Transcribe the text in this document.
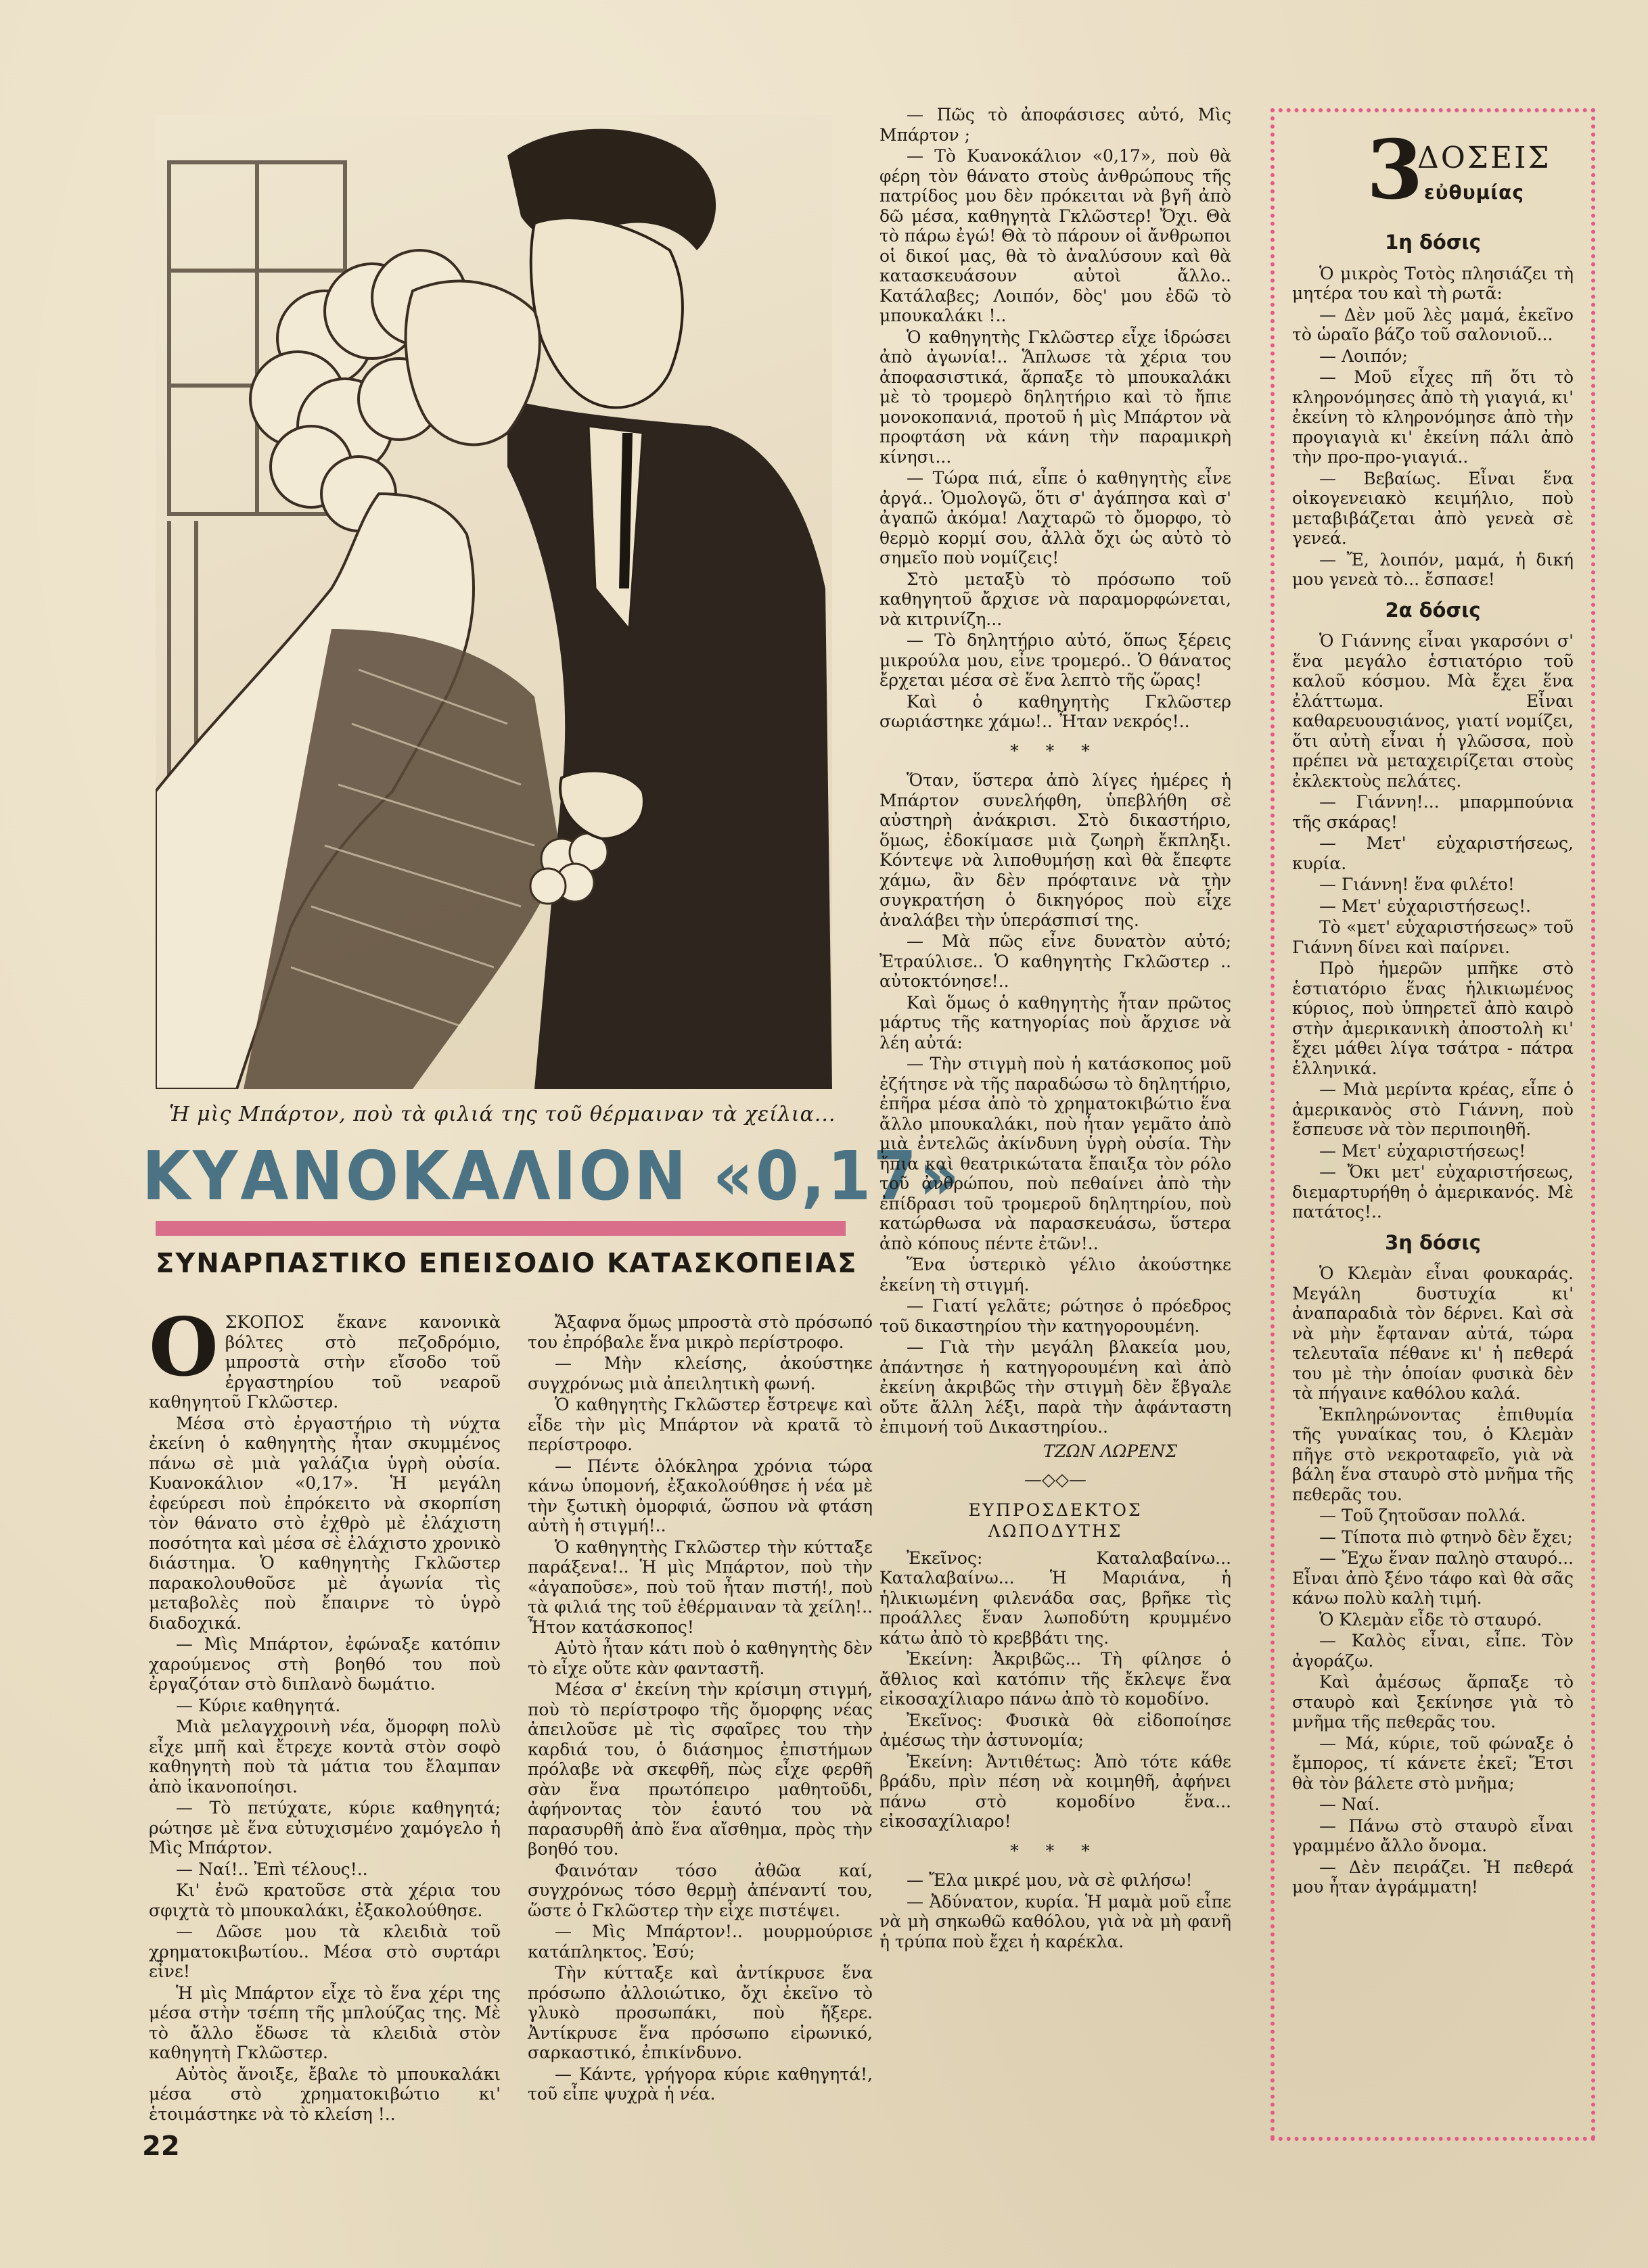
Ἡ μὶς Μπάρτον, ποὺ τὰ φιλιά της τοῦ θέρμαιναν τὰ χείλια...
ΚΥΑΝΟΚΑΛΙΟΝ «0,17»
ΣΥΝΑΡΠΑΣΤΙΚΟ ΕΠΕΙΣΟΔΙΟ ΚΑΤΑΣΚΟΠΕΙΑΣ

Ο ΣΚΟΠΟΣ ἔκανε κανονικὰ βόλτες στὸ πεζοδρόμιο, μπροστὰ στὴν εἴσοδο τοῦ ἐργαστηρίου τοῦ νεαροῦ καθηγητοῦ Γκλῶστερ.

Μέσα στὸ ἐργαστήριο τὴ νύχτα ἐκείνη ὁ καθηγητὴς ἦταν σκυμμένος πάνω σὲ μιὰ γαλάζια ὑγρὴ οὐσία. Κυανοκάλιον «0,17». Ἡ μεγάλη ἐφεύρεσι ποὺ ἐπρόκειτο νὰ σκορπίση τὸν θάνατο στὸ ἐχθρὸ μὲ ἐλάχιστη ποσότητα καὶ μέσα σὲ ἐλάχιστο χρονικὸ διάστημα. Ὁ καθηγητὴς Γκλῶστερ παρακολουθοῦσε μὲ ἀγωνία τὶς μεταβολὲς ποὺ ἔπαιρνε τὸ ὑγρὸ διαδοχικά.

— Μὶς Μπάρτον, ἐφώναξε κατόπιν χαρούμενος στὴ βοηθό του ποὺ ἐργαζόταν στὸ διπλανὸ δωμάτιο.

— Κύριε καθηγητά.

Μιὰ μελαγχροινὴ νέα, ὄμορφη πολὺ εἶχε μπῆ καὶ ἔτρεχε κοντὰ στὸν σοφὸ καθηγητὴ ποὺ τὰ μάτια του ἔλαμπαν ἀπὸ ἱκανοποίησι.

— Τὸ πετύχατε, κύριε καθηγητά; ρώτησε μὲ ἕνα εὐτυχισμένο χαμόγελο ἡ Μὶς Μπάρτον.

— Ναί!.. Ἐπὶ τέλους!..

Κι' ἐνῶ κρατοῦσε στὰ χέρια του σφιχτὰ τὸ μπουκαλάκι, ἐξακολούθησε.

— Δῶσε μου τὰ κλειδιὰ τοῦ χρηματοκιβωτίου.. Μέσα στὸ συρτάρι εἶνε!

Ἡ μὶς Μπάρτον εἶχε τὸ ἕνα χέρι της μέσα στὴν τσέπη τῆς μπλούζας της. Μὲ τὸ ἄλλο ἔδωσε τὰ κλειδιὰ στὸν καθηγητὴ Γκλῶστερ.

Αὐτὸς ἄνοιξε, ἔβαλε τὸ μπουκαλάκι μέσα στὸ χρηματοκιβώτιο κι' ἑτοιμάστηκε νὰ τὸ κλείση !..

Ἄξαφνα ὅμως μπροστὰ στὸ πρόσωπό του ἐπρόβαλε ἕνα μικρὸ περίστροφο.

— Μὴν κλείσης, ἀκούστηκε συγχρόνως μιὰ ἀπειλητικὴ φωνή.

Ὁ καθηγητὴς Γκλῶστερ ἔστρεψε καὶ εἶδε τὴν μὶς Μπάρτον νὰ κρατᾶ τὸ περίστροφο.

— Πέντε ὁλόκληρα χρόνια τώρα κάνω ὑπομονή, ἐξακολούθησε ἡ νέα μὲ τὴν ξωτικὴ ὀμορφιά, ὥσπου νὰ φτάση αὐτὴ ἡ στιγμή!..

Ὁ καθηγητὴς Γκλῶστερ τὴν κύτταξε παράξενα!.. Ἡ μὶς Μπάρτον, ποὺ τὴν «ἀγαποῦσε», ποὺ τοῦ ἦταν πιστή!, ποὺ τὰ φιλιά της τοῦ ἐθέρμαιναν τὰ χείλη!.. Ἦτον κατάσκοπος!

Αὐτὸ ἦταν κάτι ποὺ ὁ καθηγητὴς δὲν τὸ εἶχε οὔτε κὰν φανταστῆ.

Μέσα σ' ἐκείνη τὴν κρίσιμη στιγμή, ποὺ τὸ περίστροφο τῆς ὄμορφης νέας ἀπειλοῦσε μὲ τὶς σφαῖρες του τὴν καρδιά του, ὁ διάσημος ἐπιστήμων πρόλαβε νὰ σκεφθῆ, πὼς εἶχε φερθῆ σὰν ἕνα πρωτόπειρο μαθητοῦδι, ἀφήνοντας τὸν ἑαυτό του νὰ παρασυρθῆ ἀπὸ ἕνα αἴσθημα, πρὸς τὴν βοηθό του.

Φαινόταν τόσο ἀθῶα καί, συγχρόνως τόσο θερμὴ ἀπέναντί του, ὥστε ὁ Γκλῶστερ τὴν εἶχε πιστέψει.

— Μὶς Μπάρτον!.. μουρμούρισε κατάπληκτος. Ἐσύ;

Τὴν κύτταξε καὶ ἀντίκρυσε ἕνα πρόσωπο ἀλλοιώτικο, ὄχι ἐκεῖνο τὸ γλυκὸ προσωπάκι, ποὺ ἤξερε. Ἀντίκρυσε ἕνα πρόσωπο εἰρωνικό, σαρκαστικό, ἐπικίνδυνο.

— Κάντε, γρήγορα κύριε καθηγητά!, τοῦ εἶπε ψυχρὰ ἡ νέα.

— Πῶς τὸ ἀποφάσισες αὐτό, Μὶς Μπάρτον ;

— Τὸ Κυανοκάλιον «0,17», ποὺ θὰ φέρη τὸν θάνατο στοὺς ἀνθρώπους τῆς πατρίδος μου δὲν πρόκειται νὰ βγῆ ἀπὸ δῶ μέσα, καθηγητὰ Γκλῶστερ! Ὄχι. Θὰ τὸ πάρω ἐγώ! Θὰ τὸ πάρουν οἱ ἄνθρωποι οἱ δικοί μας, θὰ τὸ ἀναλύσουν καὶ θὰ κατασκευάσουν αὐτοὶ ἄλλο.. Κατάλαβες; Λοιπόν, δὸς' μου ἐδῶ τὸ μπουκαλάκι !..

Ὁ καθηγητὴς Γκλῶστερ εἶχε ἱδρώσει ἀπὸ ἀγωνία!.. Ἅπλωσε τὰ χέρια του ἀποφασιστικά, ἅρπαξε τὸ μπουκαλάκι μὲ τὸ τρομερὸ δηλητήριο καὶ τὸ ἤπιε μονοκοπανιά, προτοῦ ἡ μὶς Μπάρτον νὰ προφτάση νὰ κάνη τὴν παραμικρὴ κίνησι...

— Τώρα πιά, εἶπε ὁ καθηγητὴς εἶνε ἀργά.. Ὁμολογῶ, ὅτι σ' ἀγάπησα καὶ σ' ἀγαπῶ ἀκόμα! Λαχταρῶ τὸ ὄμορφο, τὸ θερμὸ κορμί σου, ἀλλὰ ὄχι ὡς αὐτὸ τὸ σημεῖο ποὺ νομίζεις!

Στὸ μεταξὺ τὸ πρόσωπο τοῦ καθηγητοῦ ἄρχισε νὰ παραμορφώνεται, νὰ κιτρινίζη...

— Τὸ δηλητήριο αὐτό, ὅπως ξέρεις μικρούλα μου, εἶνε τρομερό.. Ὁ θάνατος ἔρχεται μέσα σὲ ἕνα λεπτὸ τῆς ὥρας!

Καὶ ὁ καθηγητὴς Γκλῶστερ σωριάστηκε χάμω!.. Ἦταν νεκρός!..

* * *

Ὅταν, ὕστερα ἀπὸ λίγες ἡμέρες ἡ Μπάρτον συνελήφθη, ὑπεβλήθη σὲ αὐστηρὴ ἀνάκρισι. Στὸ δικαστήριο, ὅμως, ἐδοκίμασε μιὰ ζωηρὴ ἔκπληξι. Κόντεψε νὰ λιποθυμήσῃ καὶ θὰ ἔπεφτε χάμω, ἂν δὲν πρόφταινε νὰ τὴν συγκρατήση ὁ δικηγόρος ποὺ εἶχε ἀναλάβει τὴν ὑπεράσπισί της.

— Μὰ πῶς εἶνε δυνατὸν αὐτό; Ἐτραύλισε.. Ὁ καθηγητὴς Γκλῶστερ .. αὐτοκτόνησε!..

Καὶ ὅμως ὁ καθηγητὴς ἦταν πρῶτος μάρτυς τῆς κατηγορίας ποὺ ἄρχισε νὰ λέη αὐτά:

— Τὴν στιγμὴ ποὺ ἡ κατάσκοπος μοῦ ἐζήτησε νὰ τῆς παραδώσω τὸ δηλητήριο, ἐπῆρα μέσα ἀπὸ τὸ χρηματοκιβώτιο ἕνα ἄλλο μπουκαλάκι, ποὺ ἦταν γεμᾶτο ἀπὸ μιὰ ἐντελῶς ἀκίνδυνη ὑγρὴ οὐσία. Τὴν ἤπια καὶ θεατρικώτατα ἔπαιξα τὸν ρόλο τοῦ ἀνθρώπου, ποὺ πεθαίνει ἀπὸ τὴν ἐπίδρασι τοῦ τρομεροῦ δηλητηρίου, ποὺ κατώρθωσα νὰ παρασκευάσω, ὕστερα ἀπὸ κόπους πέντε ἐτῶν!..

Ἕνα ὑστερικὸ γέλιο ἀκούστηκε ἐκείνη τὴ στιγμή.

— Γιατί γελᾶτε; ρώτησε ὁ πρόεδρος τοῦ δικαστηρίου τὴν κατηγορουμένη.

— Γιὰ τὴν μεγάλη βλακεία μου, ἀπάντησε ἡ κατηγορουμένη καὶ ἀπὸ ἐκείνη ἀκριβῶς τὴν στιγμὴ δὲν ἔβγαλε οὔτε ἄλλη λέξι, παρὰ τὴν ἀφάνταστη ἐπιμονή τοῦ Δικαστηρίου..

ΤΖΩΝ ΛΩΡΕΝΣ

—◇◇—

ΕΥΠΡΟΣΔΕΚΤΟΣ

ΛΩΠΟΔΥΤΗΣ

Ἐκεῖνος: Καταλαβαίνω... Καταλαβαίνω... Ἡ Μαριάνα, ἡ ἡλικιωμένη φιλενάδα σας, βρῆκε τὶς προάλλες ἕναν λωποδύτη κρυμμένο κάτω ἀπὸ τὸ κρεββάτι της.

Ἐκείνη: Ἀκριβῶς... Τὴ φίλησε ὁ ἄθλιος καὶ κατόπιν τῆς ἔκλεψε ἕνα εἰκοσαχίλιαρο πάνω ἀπὸ τὸ κομοδίνο.

Ἐκεῖνος: Φυσικὰ θὰ εἰδοποίησε ἀμέσως τὴν ἀστυνομία;

Ἐκείνη: Ἀντιθέτως: Ἀπὸ τότε κάθε βράδυ, πρὶν πέση νὰ κοιμηθῆ, ἀφήνει πάνω στὸ κομοδίνο ἕνα... εἰκοσαχίλιαρο!

* * *

— Ἔλα μικρέ μου, νὰ σὲ φιλήσω!

— Ἀδύνατον, κυρία. Ἡ μαμὰ μοῦ εἶπε νὰ μὴ σηκωθῶ καθόλου, γιὰ νὰ μὴ φανῆ ἡ τρύπα ποὺ ἔχει ἡ καρέκλα.

3
ΔΟΣΕΙΣ
εὐθυμίας

1η δόσις

Ὁ μικρὸς Τοτὸς πλησιάζει τὴ μητέρα του καὶ τὴ ρωτᾶ:

— Δὲν μοῦ λὲς μαμά, ἐκεῖνο τὸ ὡραῖο βάζο τοῦ σαλονιοῦ...

— Λοιπόν;

— Μοῦ εἶχες πῆ ὅτι τὸ κληρονόμησες ἀπὸ τὴ γιαγιά, κι' ἐκείνη τὸ κληρονόμησε ἀπὸ τὴν προγιαγιὰ κι' ἐκείνη πάλι ἀπὸ τὴν προ-προ-γιαγιά..

— Βεβαίως. Εἶναι ἕνα οἰκογενειακὸ κειμήλιο, ποὺ μεταβιβάζεται ἀπὸ γενεὰ σὲ γενεά.

— Ἔ, λοιπόν, μαμά, ἡ δική μου γενεὰ τὸ... ἔσπασε!

2α δόσις

Ὁ Γιάννης εἶναι γκαρσόνι σ' ἕνα μεγάλο ἑστιατόριο τοῦ καλοῦ κόσμου. Μὰ ἔχει ἕνα ἐλάττωμα. Εἶναι καθαρευουσιάνος, γιατί νομίζει, ὅτι αὐτὴ εἶναι ἡ γλῶσσα, ποὺ πρέπει νὰ μεταχειρίζεται στοὺς ἐκλεκτοὺς πελάτες.

— Γιάννη!... μπαρμπούνια τῆς σκάρας!

— Μετ' εὐχαριστήσεως, κυρία.

— Γιάννη! ἕνα φιλέτο!

— Μετ' εὐχαριστήσεως!.

Τὸ «μετ' εὐχαριστήσεως» τοῦ Γιάννη δίνει καὶ παίρνει.

Πρὸ ἡμερῶν μπῆκε στὸ ἑστιατόριο ἕνας ἡλικιωμένος κύριος, ποὺ ὑπηρετεῖ ἀπὸ καιρὸ στὴν ἀμερικανικὴ ἀποστολὴ κι' ἔχει μάθει λίγα τσάτρα - πάτρα ἑλληνικά.

— Μιὰ μερίντα κρέας, εἶπε ὁ ἀμερικανὸς στὸ Γιάννη, ποὺ ἔσπευσε νὰ τὸν περιποιηθῆ.

— Μετ' εὐχαριστήσεως!

— Ὄκι μετ' εὐχαριστήσεως, διεμαρτυρήθη ὁ ἀμερικανός. Μὲ πατάτος!..

3η δόσις

Ὁ Κλεμὰν εἶναι φουκαράς. Μεγάλη δυστυχία κι' ἀναπαραδιὰ τὸν δέρνει. Καὶ σὰ νὰ μὴν ἔφταναν αὐτά, τώρα τελευταῖα πέθανε κι' ἡ πεθερά του μὲ τὴν ὁποίαν φυσικὰ δὲν τὰ πήγαινε καθόλου καλά.

Ἐκπληρώνοντας ἐπιθυμία τῆς γυναίκας του, ὁ Κλεμὰν πῆγε στὸ νεκροταφεῖο, γιὰ νὰ βάλη ἕνα σταυρὸ στὸ μνῆμα τῆς πεθερᾶς του.

— Τοῦ ζητοῦσαν πολλά.

— Τίποτα πιὸ φτηνὸ δὲν ἔχει;

— Ἔχω ἕναν παληὸ σταυρό... Εἶναι ἀπὸ ξένο τάφο καὶ θὰ σᾶς κάνω πολὺ καλὴ τιμή.

Ὁ Κλεμὰν εἶδε τὸ σταυρό.

— Καλὸς εἶναι, εἶπε. Τὸν ἀγοράζω.

Καὶ ἀμέσως ἅρπαξε τὸ σταυρὸ καὶ ξεκίνησε γιὰ τὸ μνῆμα τῆς πεθερᾶς του.

— Μά, κύριε, τοῦ φώναξε ὁ ἔμπορος, τί κάνετε ἐκεῖ; Ἔτσι θὰ τὸν βάλετε στὸ μνῆμα;

— Ναί.

— Πάνω στὸ σταυρὸ εἶναι γραμμένο ἄλλο ὄνομα.

— Δὲν πειράζει. Ἡ πεθερά μου ἦταν ἀγράμματη!

22
